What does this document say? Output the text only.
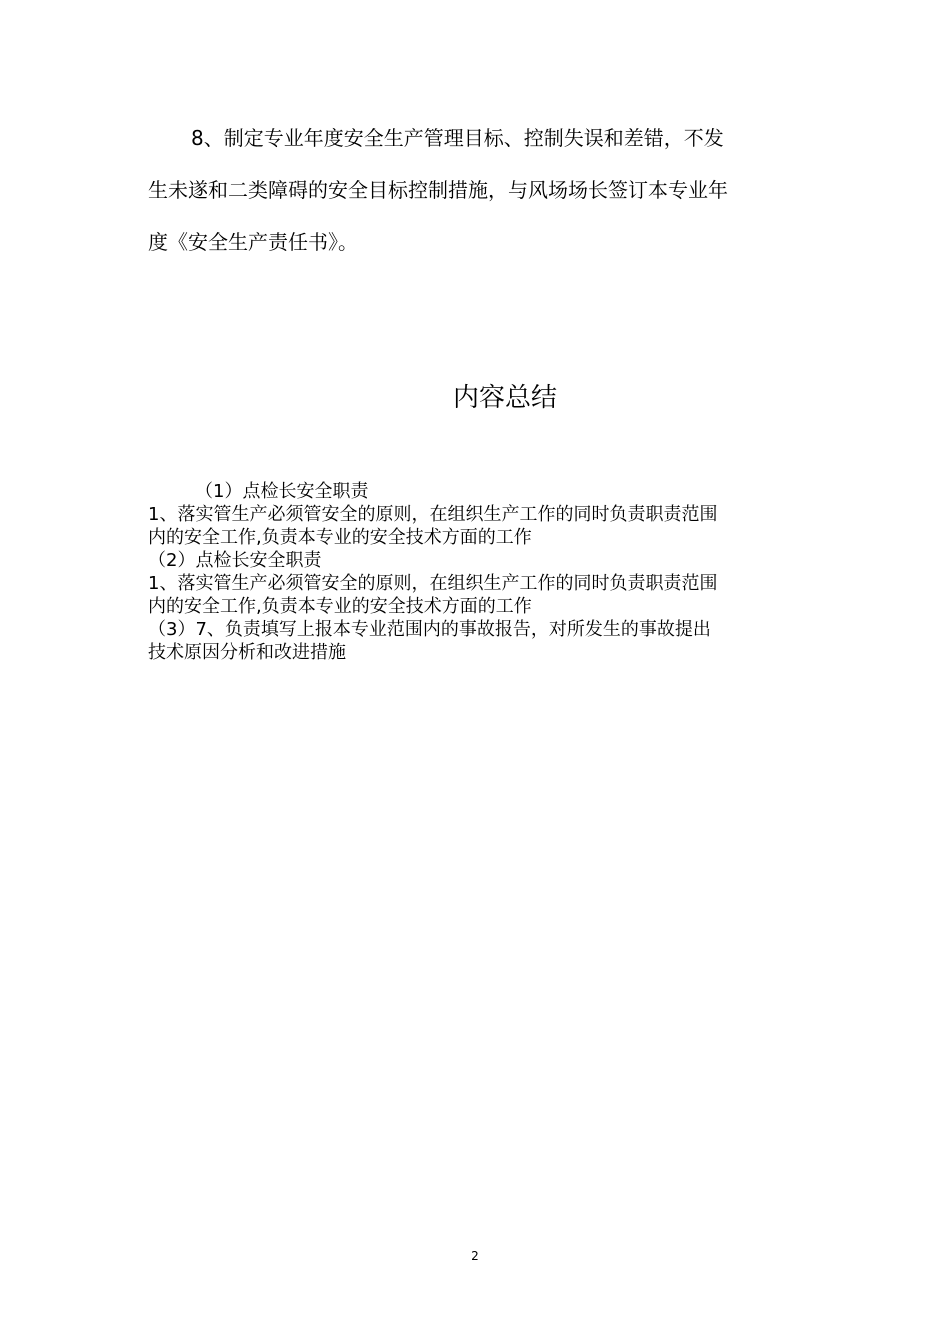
8、制定专业年度安全生产管理目标、控制失误和差错，不发
生未遂和二类障碍的安全目标控制措施，与风场场长签订本专业年
度《安全生产责任书》。
内容总结
（1）点检长安全职责
1、落实管生产必须管安全的原则，在组织生产工作的同时负责职责范围
内的安全工作,负责本专业的安全技术方面的工作
（2）点检长安全职责
1、落实管生产必须管安全的原则，在组织生产工作的同时负责职责范围
内的安全工作,负责本专业的安全技术方面的工作
（3）7、负责填写上报本专业范围内的事故报告，对所发生的事故提出
技术原因分析和改进措施
2
